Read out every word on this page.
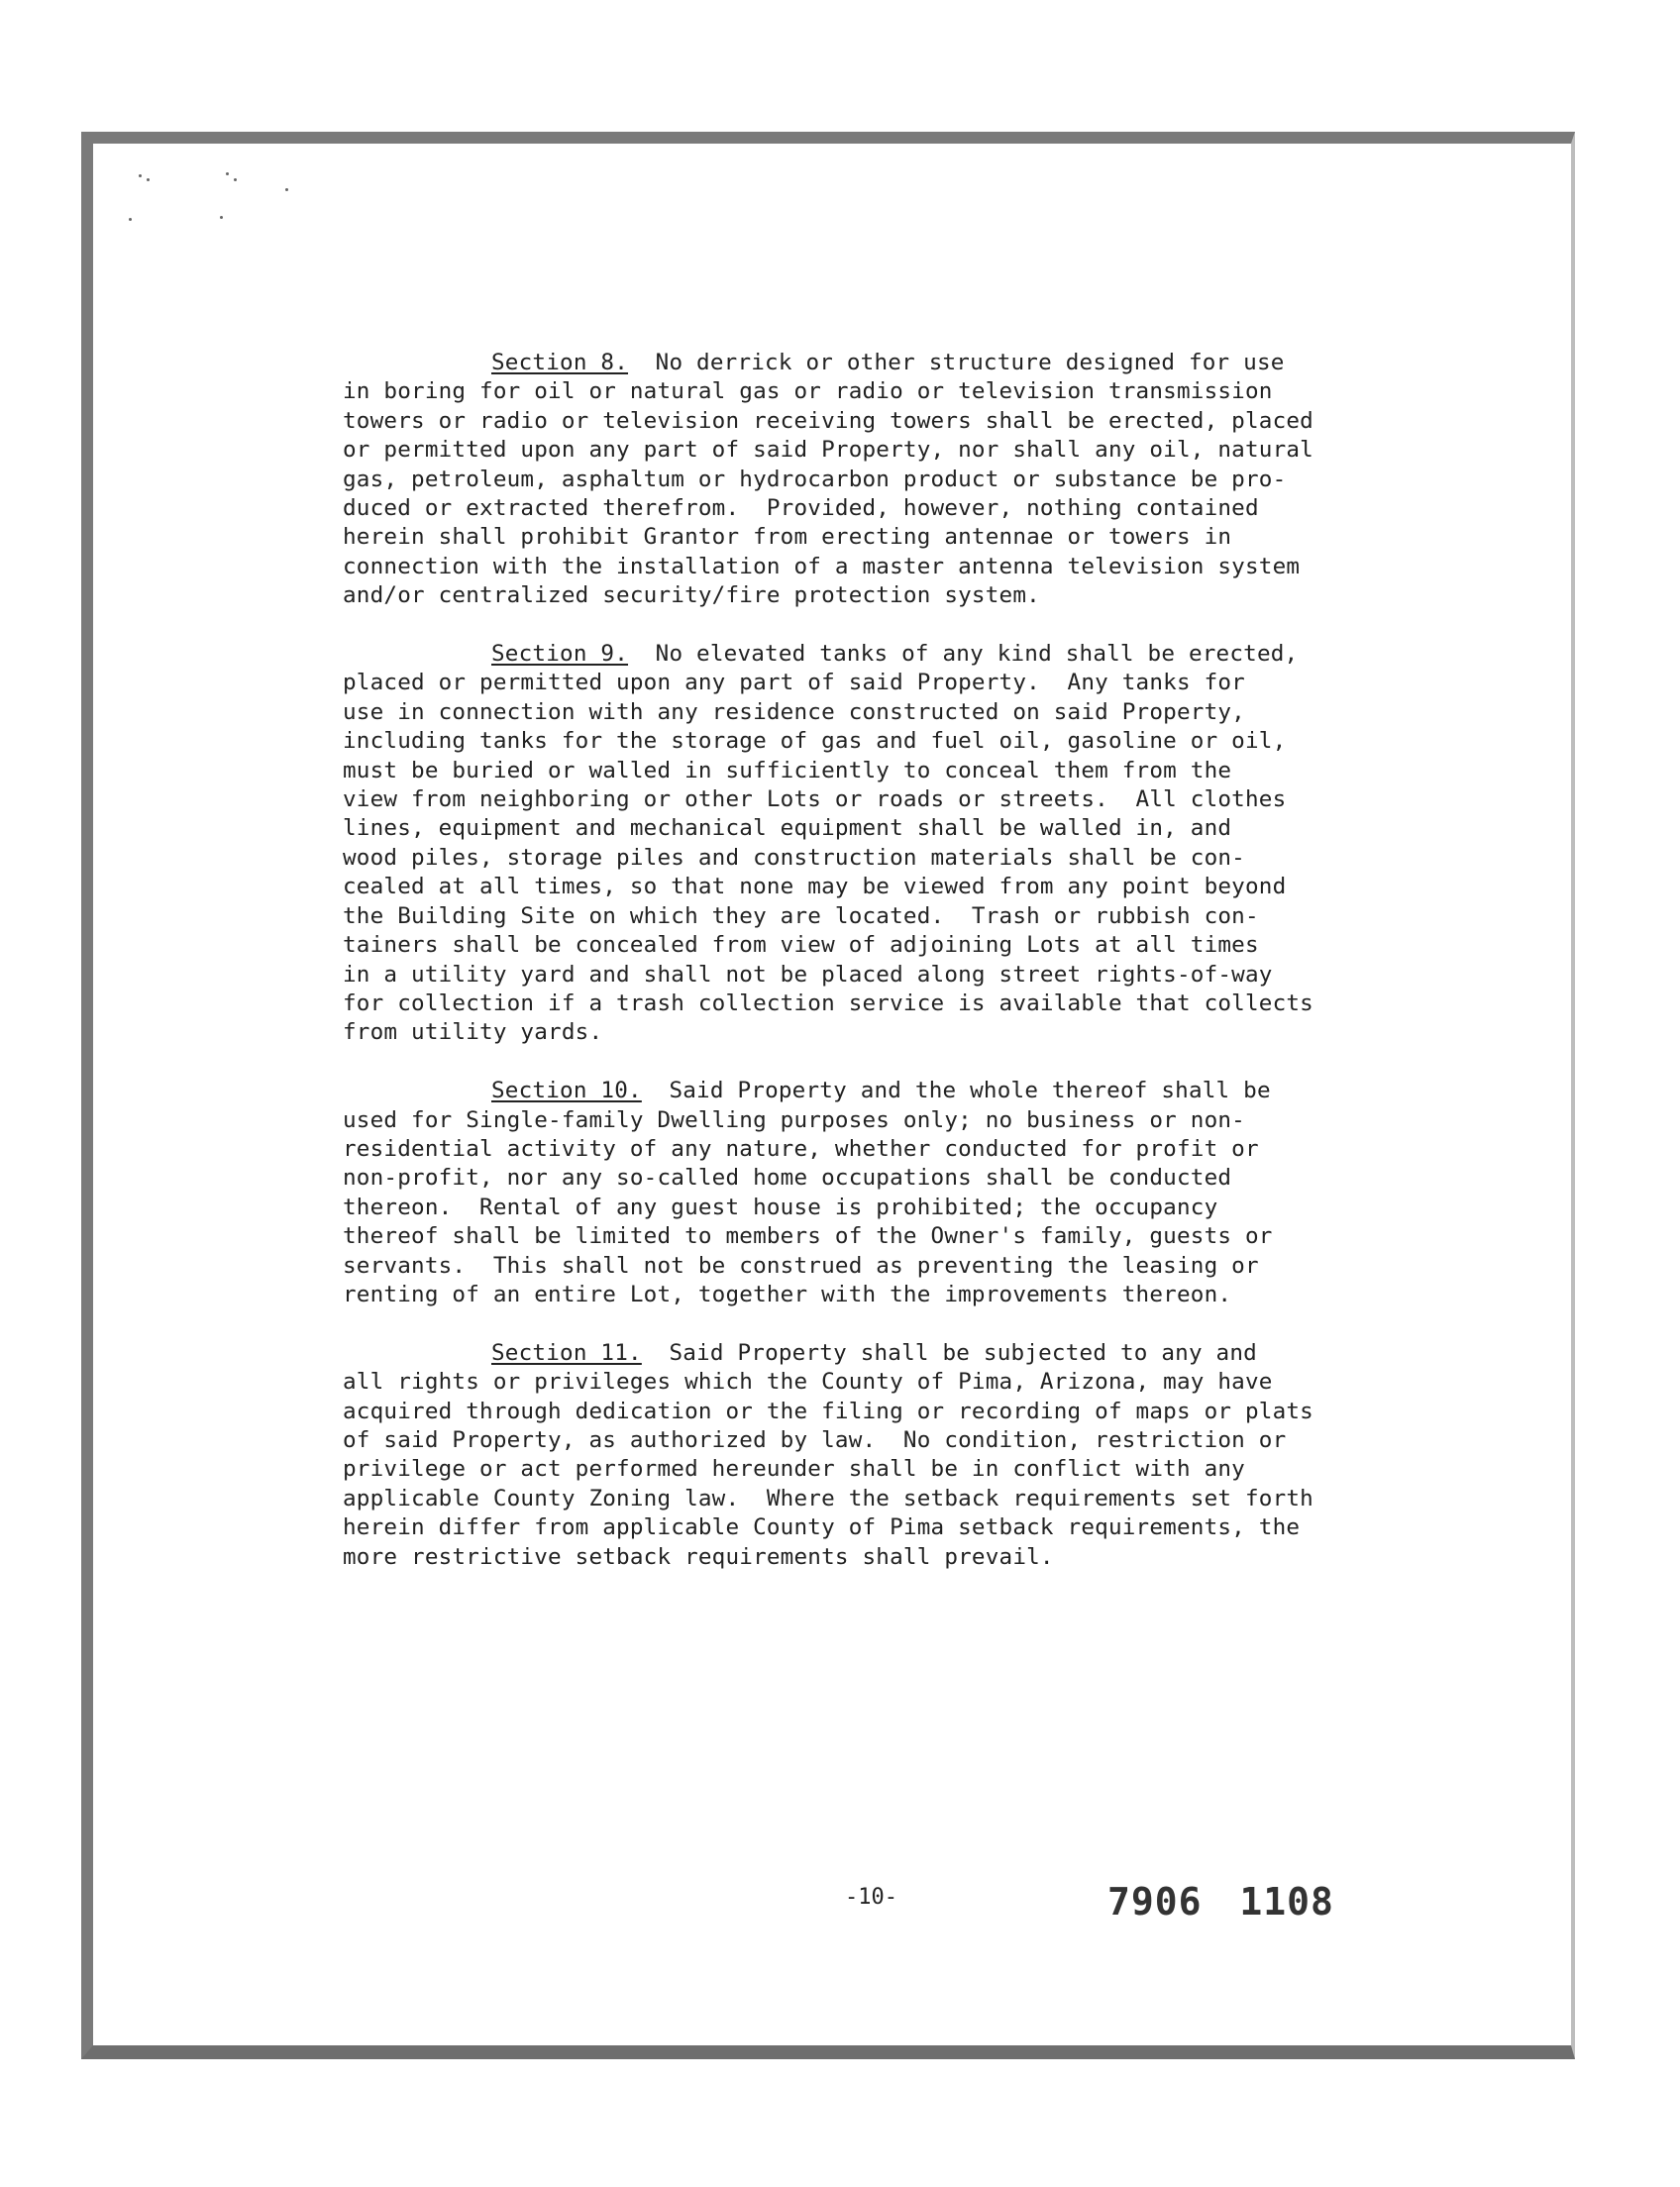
Section 8. No derrick or other structure designed for use

in boring for oil or natural gas or radio or television transmission

towers or radio or television receiving towers shall be erected, placed

or permitted upon any part of said Property, nor shall any oil, natural

gas, petroleum, asphaltum or hydrocarbon product or substance be pro-

duced or extracted therefrom.  Provided, however, nothing contained

herein shall prohibit Grantor from erecting antennae or towers in

connection with the installation of a master antenna television system

and/or centralized security/fire protection system.

Section 9. No elevated tanks of any kind shall be erected,

placed or permitted upon any part of said Property.  Any tanks for

use in connection with any residence constructed on said Property,

including tanks for the storage of gas and fuel oil, gasoline or oil,

must be buried or walled in sufficiently to conceal them from the

view from neighboring or other Lots or roads or streets.  All clothes

lines, equipment and mechanical equipment shall be walled in, and

wood piles, storage piles and construction materials shall be con-

cealed at all times, so that none may be viewed from any point beyond

the Building Site on which they are located.  Trash or rubbish con-

tainers shall be concealed from view of adjoining Lots at all times

in a utility yard and shall not be placed along street rights-of-way

for collection if a trash collection service is available that collects

from utility yards.

Section 10. Said Property and the whole thereof shall be

used for Single-family Dwelling purposes only; no business or non-

residential activity of any nature, whether conducted for profit or

non-profit, nor any so-called home occupations shall be conducted

thereon.  Rental of any guest house is prohibited; the occupancy

thereof shall be limited to members of the Owner's family, guests or

servants.  This shall not be construed as preventing the leasing or

renting of an entire Lot, together with the improvements thereon.

Section 11. Said Property shall be subjected to any and

all rights or privileges which the County of Pima, Arizona, may have

acquired through dedication or the filing or recording of maps or plats

of said Property, as authorized by law.  No condition, restriction or

privilege or act performed hereunder shall be in conflict with any

applicable County Zoning law.  Where the setback requirements set forth

herein differ from applicable County of Pima setback requirements, the

more restrictive setback requirements shall prevail.

-10-	7906 1108
